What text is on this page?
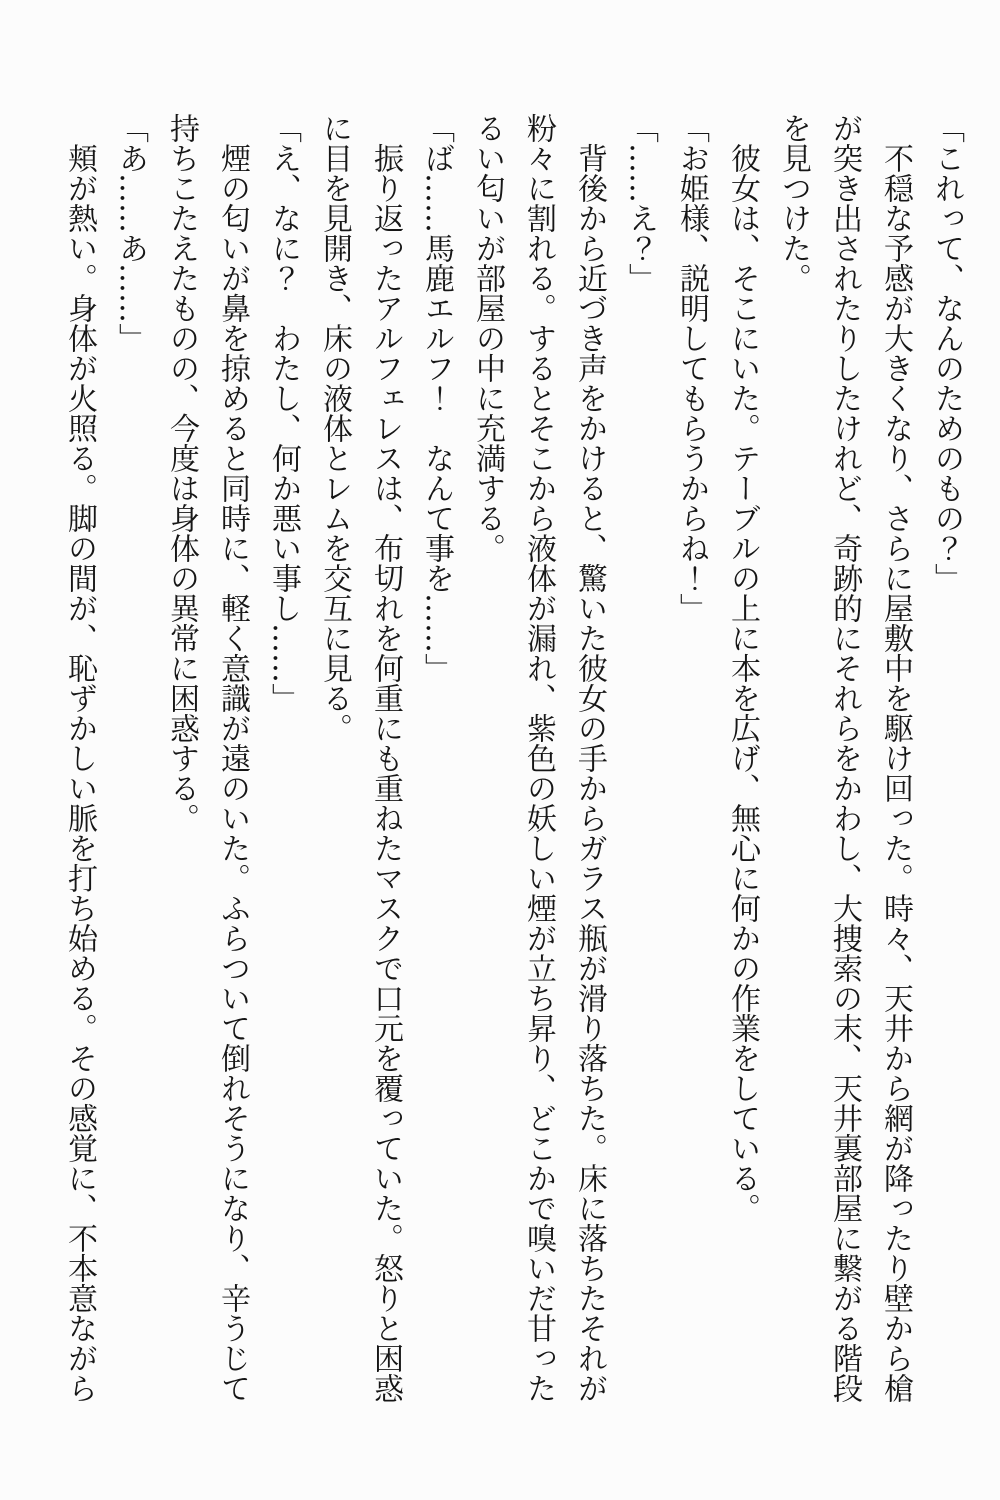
「これって、なんのためのもの？」

不穏な予感が大きくなり、さらに屋敷中を駆け回った。時々、天井から網が降ったり壁から槍が突き出されたりしたけれど、奇跡的にそれらをかわし、大捜索の末、天井裏部屋に繋がる階段を見つけた。

彼女は、そこにいた。テーブルの上に本を広げ、無心に何かの作業をしている。

「お姫様、説明してもらうからね！」

「……え？」

背後から近づき声をかけると、驚いた彼女の手からガラス瓶が滑り落ちた。床に落ちたそれが粉々に割れる。するとそこから液体が漏れ、紫色の妖しい煙が立ち昇り、どこかで嗅いだ甘ったるい匂いが部屋の中に充満する。

「ば……馬鹿エルフ！　なんて事を……」

振り返ったアルフェレスは、布切れを何重にも重ねたマスクで口元を覆っていた。怒りと困惑に目を見開き、床の液体とレムを交互に見る。

「え、なに？　わたし、何か悪い事し……」

煙の匂いが鼻を掠めると同時に、軽く意識が遠のいた。ふらついて倒れそうになり、辛うじて持ちこたえたものの、今度は身体の異常に困惑する。

「あ……あ……」

頬が熱い。身体が火照る。脚の間が、恥ずかしい脈を打ち始める。その感覚に、不本意ながら
